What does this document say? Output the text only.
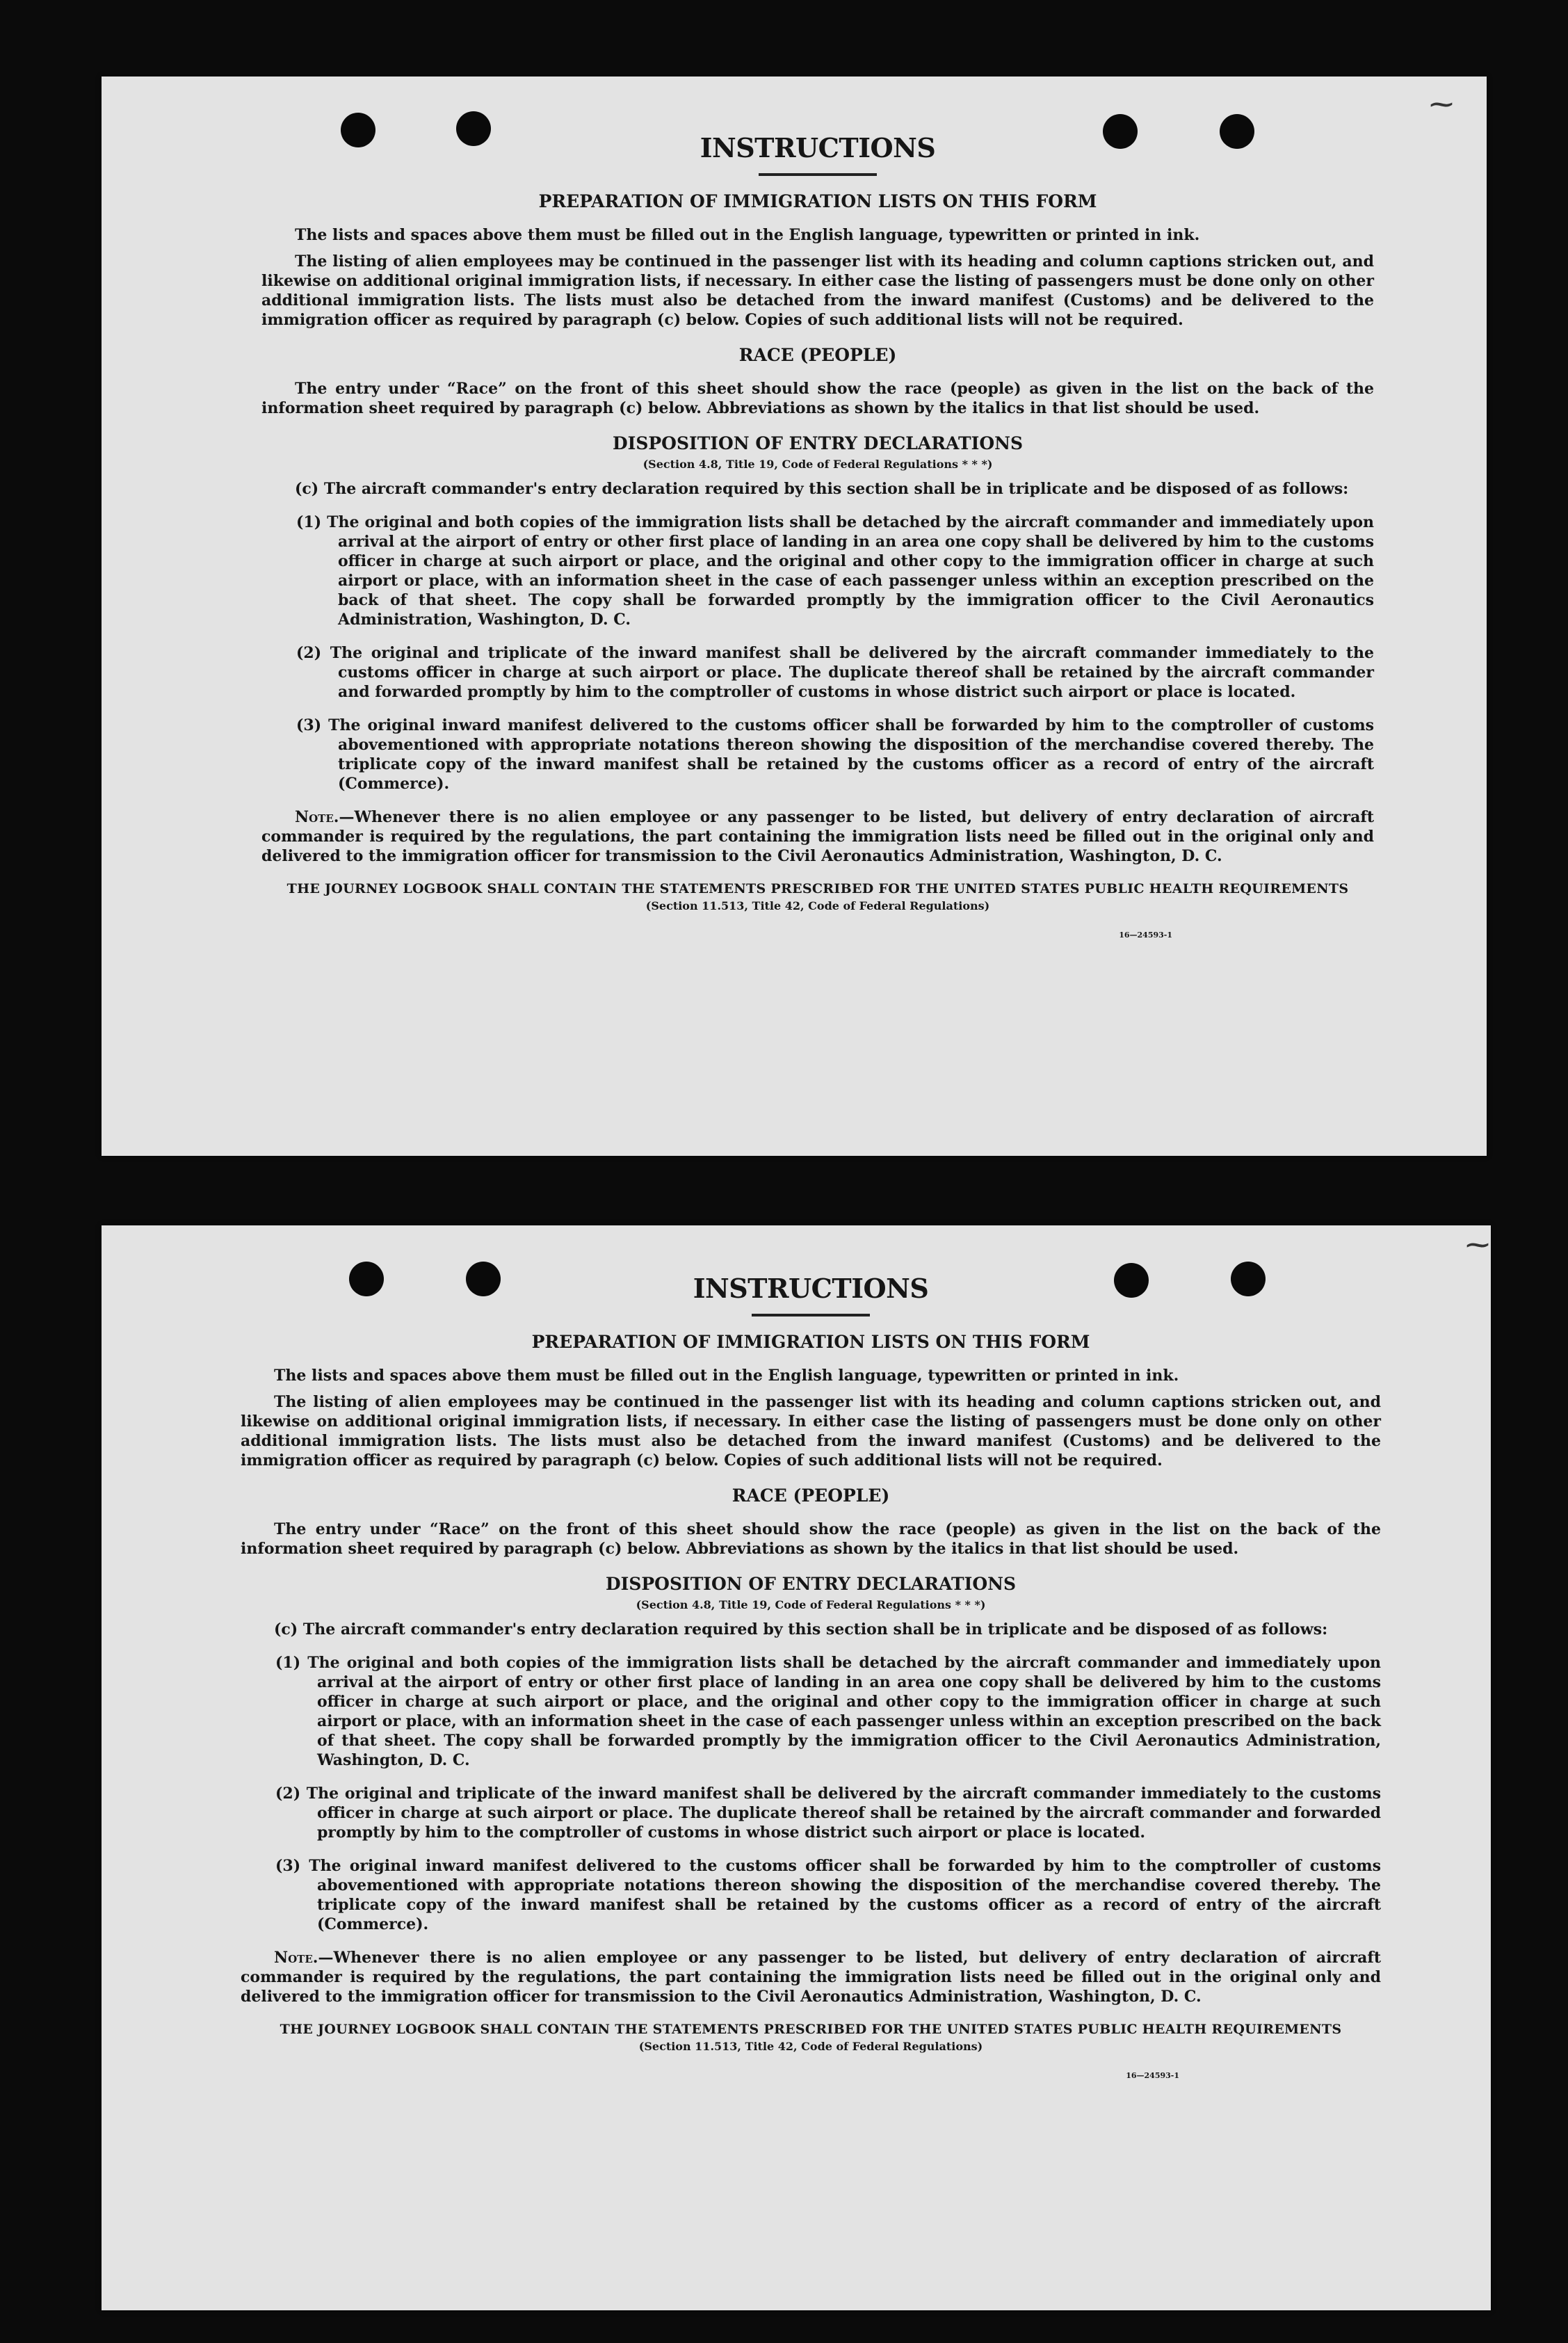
⁓
INSTRUCTIONS
PREPARATION OF IMMIGRATION LISTS ON THIS FORM

The lists and spaces above them must be filled out in the English language, typewritten or printed in ink.

The listing of alien employees may be continued in the passenger list with its heading and column captions stricken out, and likewise on additional original immigration lists, if necessary. In either case the listing of passengers must be done only on other additional immigration lists. The lists must also be detached from the inward manifest (Customs) and be delivered to the immigration officer as required by paragraph (c) below. Copies of such additional lists will not be required.

RACE (PEOPLE)

The entry under “Race” on the front of this sheet should show the race (people) as given in the list on the back of the information sheet required by paragraph (c) below. Abbreviations as shown by the italics in that list should be used.

DISPOSITION OF ENTRY DECLARATIONS
(Section 4.8, Title 19, Code of Federal Regulations * * *)

(c) The aircraft commander's entry declaration required by this section shall be in triplicate and be disposed of as follows:

(1) The original and both copies of the immigration lists shall be detached by the aircraft commander and immediately upon arrival at the airport of entry or other first place of landing in an area one copy shall be delivered by him to the customs officer in charge at such airport or place, and the original and other copy to the immigration officer in charge at such airport or place, with an information sheet in the case of each passenger unless within an exception prescribed on the back of that sheet. The copy shall be forwarded promptly by the immigration officer to the Civil Aeronautics Administration, Washington, D. C.
(2) The original and triplicate of the inward manifest shall be delivered by the aircraft commander immediately to the customs officer in charge at such airport or place. The duplicate thereof shall be retained by the aircraft commander and forwarded promptly by him to the comptroller of customs in whose district such airport or place is located.
(3) The original inward manifest delivered to the customs officer shall be forwarded by him to the comptroller of customs abovementioned with appropriate notations thereon showing the disposition of the merchandise covered thereby. The triplicate copy of the inward manifest shall be retained by the customs officer as a record of entry of the aircraft (Commerce).

Note.—Whenever there is no alien employee or any passenger to be listed, but delivery of entry declaration of aircraft commander is required by the regulations, the part containing the immigration lists need be filled out in the original only and delivered to the immigration officer for transmission to the Civil Aeronautics Administration, Washington, D. C.

THE JOURNEY LOGBOOK SHALL CONTAIN THE STATEMENTS PRESCRIBED FOR THE UNITED STATES PUBLIC HEALTH REQUIREMENTS
(Section 11.513, Title 42, Code of Federal Regulations)
16—24593-1
⁓
INSTRUCTIONS
PREPARATION OF IMMIGRATION LISTS ON THIS FORM

The lists and spaces above them must be filled out in the English language, typewritten or printed in ink.

The listing of alien employees may be continued in the passenger list with its heading and column captions stricken out, and likewise on additional original immigration lists, if necessary. In either case the listing of passengers must be done only on other additional immigration lists. The lists must also be detached from the inward manifest (Customs) and be delivered to the immigration officer as required by paragraph (c) below. Copies of such additional lists will not be required.

RACE (PEOPLE)

The entry under “Race” on the front of this sheet should show the race (people) as given in the list on the back of the information sheet required by paragraph (c) below. Abbreviations as shown by the italics in that list should be used.

DISPOSITION OF ENTRY DECLARATIONS
(Section 4.8, Title 19, Code of Federal Regulations * * *)

(c) The aircraft commander's entry declaration required by this section shall be in triplicate and be disposed of as follows:

(1) The original and both copies of the immigration lists shall be detached by the aircraft commander and immediately upon arrival at the airport of entry or other first place of landing in an area one copy shall be delivered by him to the customs officer in charge at such airport or place, and the original and other copy to the immigration officer in charge at such airport or place, with an information sheet in the case of each passenger unless within an exception prescribed on the back of that sheet. The copy shall be forwarded promptly by the immigration officer to the Civil Aeronautics Administration, Washington, D. C.
(2) The original and triplicate of the inward manifest shall be delivered by the aircraft commander immediately to the customs officer in charge at such airport or place. The duplicate thereof shall be retained by the aircraft commander and forwarded promptly by him to the comptroller of customs in whose district such airport or place is located.
(3) The original inward manifest delivered to the customs officer shall be forwarded by him to the comptroller of customs abovementioned with appropriate notations thereon showing the disposition of the merchandise covered thereby. The triplicate copy of the inward manifest shall be retained by the customs officer as a record of entry of the aircraft (Commerce).

Note.—Whenever there is no alien employee or any passenger to be listed, but delivery of entry declaration of aircraft commander is required by the regulations, the part containing the immigration lists need be filled out in the original only and delivered to the immigration officer for transmission to the Civil Aeronautics Administration, Washington, D. C.

THE JOURNEY LOGBOOK SHALL CONTAIN THE STATEMENTS PRESCRIBED FOR THE UNITED STATES PUBLIC HEALTH REQUIREMENTS
(Section 11.513, Title 42, Code of Federal Regulations)
16—24593-1
